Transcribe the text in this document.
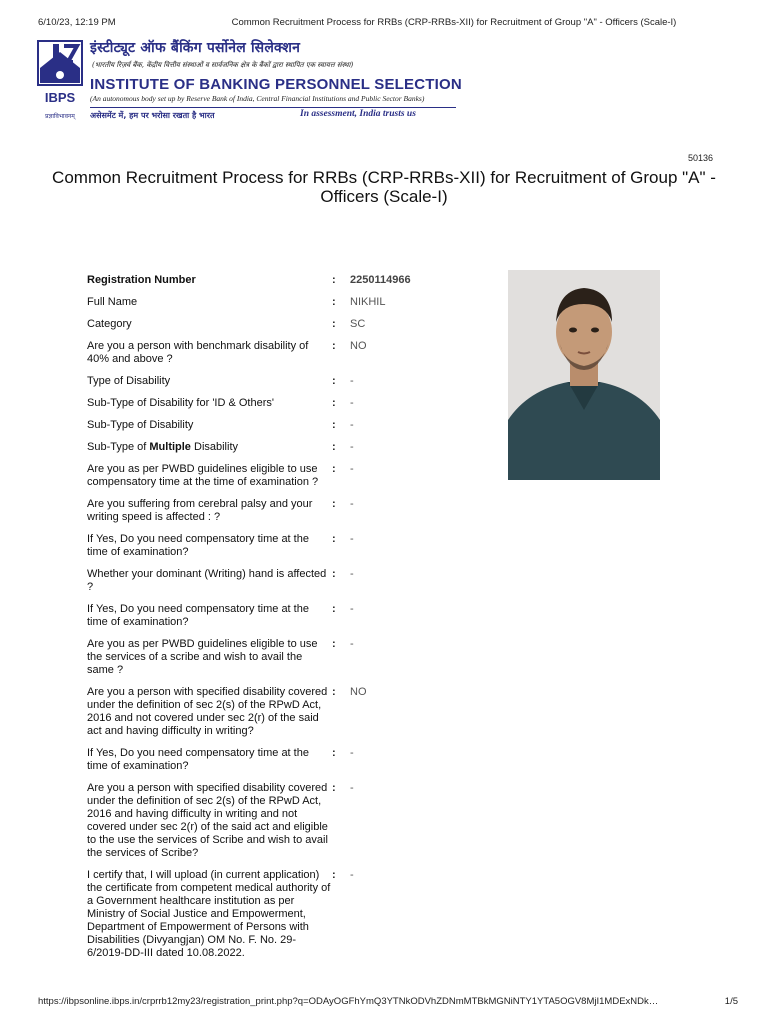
6/10/23, 12:19 PM	Common Recruitment Process for RRBs (CRP-RRBs-XII) for Recruitment of Group "A" - Officers (Scale-I)
IBPS
प्रज्ञाविभावनम्
इंस्टीट्यूट ऑफ बैंकिंग पर्सोनेल सिलेक्शन
(भारतीय रिज़र्व बैंक, केंद्रीय वित्तीय संस्थाओं व सार्वजनिक क्षेत्र के बैंकों द्वारा स्थापित एक स्वायत्त संस्था)
INSTITUTE OF BANKING PERSONNEL SELECTION
(An autonomous body set up by Reserve Bank of India, Central Financial Institutions and Public Sector Banks)
असेसमेंट में, हम पर भरोसा रखता है भारत	In assessment, India trusts us
50136
Common Recruitment Process for RRBs (CRP-RRBs-XII) for Recruitment of Group "A" - Officers (Scale-I)
Registration Number	:	2250114966
Full Name	:	NIKHIL
Category	:	SC
Are you a person with benchmark disability of 40% and above ?
:	NO
Type of Disability	:	-
Sub-Type of Disability for 'ID & Others'	:	-
Sub-Type of Disability	:	-
Sub-Type of Multiple Disability	:	-
Are you as per PWBD guidelines eligible to use compensatory time at the time of examination ?
:	-
Are you suffering from cerebral palsy and your writing speed is affected : ?
:	-
If Yes, Do you need compensatory time at the time of examination?
:	-
Whether your dominant (Writing) hand is affected ?
:	-
If Yes, Do you need compensatory time at the time of examination?
:	-
Are you as per PWBD guidelines eligible to use the services of a scribe and wish to avail the same ?
:	-
Are you a person with specified disability covered under the definition of sec 2(s) of the RPwD Act, 2016 and not covered under sec 2(r) of the said act and having difficulty in writing?
:	NO
If Yes, Do you need compensatory time at the time of examination?
:	-
Are you a person with specified disability covered under the definition of sec 2(s) of the RPwD Act, 2016 and having difficulty in writing and not covered under sec 2(r) of the said act and eligible to the use the services of Scribe and wish to avail the services of Scribe?
:	-
I certify that, I will upload (in current application) the certificate from competent medical authority of a Government healthcare institution as per Ministry of Social Justice and Empowerment, Department of Empowerment of Persons with Disabilities (Divyangjan) OM No. F. No. 29-6/2019-DD-III dated 10.08.2022.
:	-
https://ibpsonline.ibps.in/crprrb12my23/registration_print.php?q=ODAyOGFhYmQ3YTNkODVhZDNmMTBkMGNiNTY1YTA5OGV8MjI1MDExNDk…	1/5
